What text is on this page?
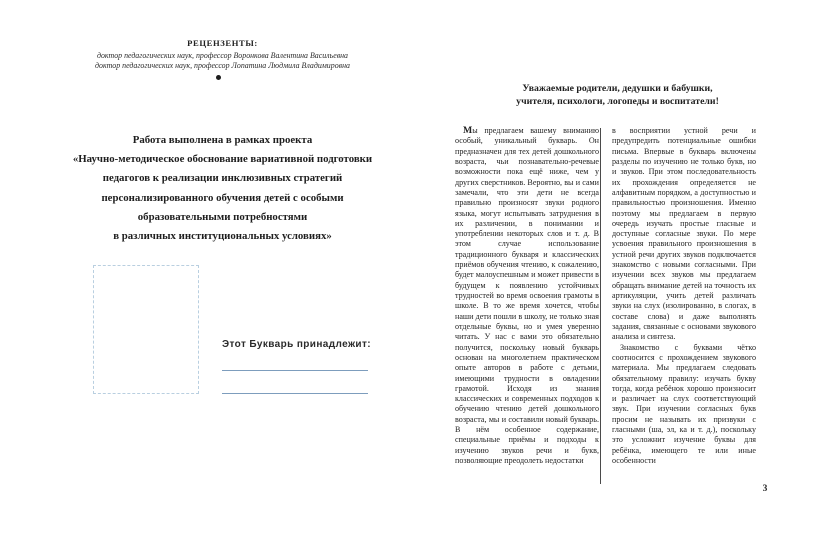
РЕЦЕНЗЕНТЫ:
доктор педагогических наук, профессор Воронкова Валентина Васильевна
доктор педагогических наук, профессор Лопатина Людмила Владимировна
Работа выполнена в рамках проекта
«Научно-методическое обоснование вариативной подготовки
педагогов к реализации инклюзивных стратегий
персонализированного обучения детей с особыми
образовательными потребностями
в различных институциональных условиях»
Этот Букварь принадлежит:
Уважаемые родители, дедушки и бабушки,
учителя, психологи, логопеды и воспитатели!

Мы предлагаем вашему вниманию особый, уникальный букварь. Он предназначен для тех детей дошкольного возраста, чьи познавательно-речевые возможности пока ещё ниже, чем у других сверстников. Вероятно, вы и сами замечали, что эти дети не всегда правильно произносят звуки родного языка, могут испытывать затруднения в их различении, в понимании и употреблении некоторых слов и т. д. В этом случае использование традиционного букваря и классических приёмов обучения чтению, к сожалению, будет малоуспешным и может привести в будущем к появлению устойчивых трудностей во время освоения грамоты в школе. В то же время хочется, чтобы наши дети пошли в школу, не только зная отдельные буквы, но и умея уверенно читать. У нас с вами это обязательно получится, поскольку новый букварь основан на многолетнем практическом опыте авторов в работе с детьми, имеющими трудности в овладении грамотой. Исходя из знания классических и современных подходов к обучению чтению детей дошкольного возраста, мы и составили новый букварь. В нём особенное содержание, специальные приёмы и подходы к изучению звуков речи и букв, позволяющие преодолеть недостатки

в восприятии устной речи и предупредить потенциальные ошибки письма. Впервые в букварь включены разделы по изучению не только букв, но и звуков. При этом последовательность их прохождения определяется не алфавитным порядком, а доступностью и правильностью произношения. Именно поэтому мы предлагаем в первую очередь изучать простые гласные и доступные согласные звуки. По мере усвоения правильного произношения в устной речи других звуков подключается знакомство с новыми согласными. При изучении всех звуков мы предлагаем обращать внимание детей на точность их артикуляции, учить детей различать звуки на слух (изолированно, в слогах, в составе слова) и даже выполнять задания, связанные с основами звукового анализа и синтеза.

Знакомство с буквами чётко соотносится с прохождением звукового материала. Мы предлагаем следовать обязательному правилу: изучать букву тогда, когда ребёнок хорошо произносит и различает на слух соответствующий звук. При изучении согласных букв просим не называть их призвуки с гласными (ша, эл, ка и т. д.), поскольку это усложнит изучение буквы для ребёнка, имеющего те или иные особенности

3
